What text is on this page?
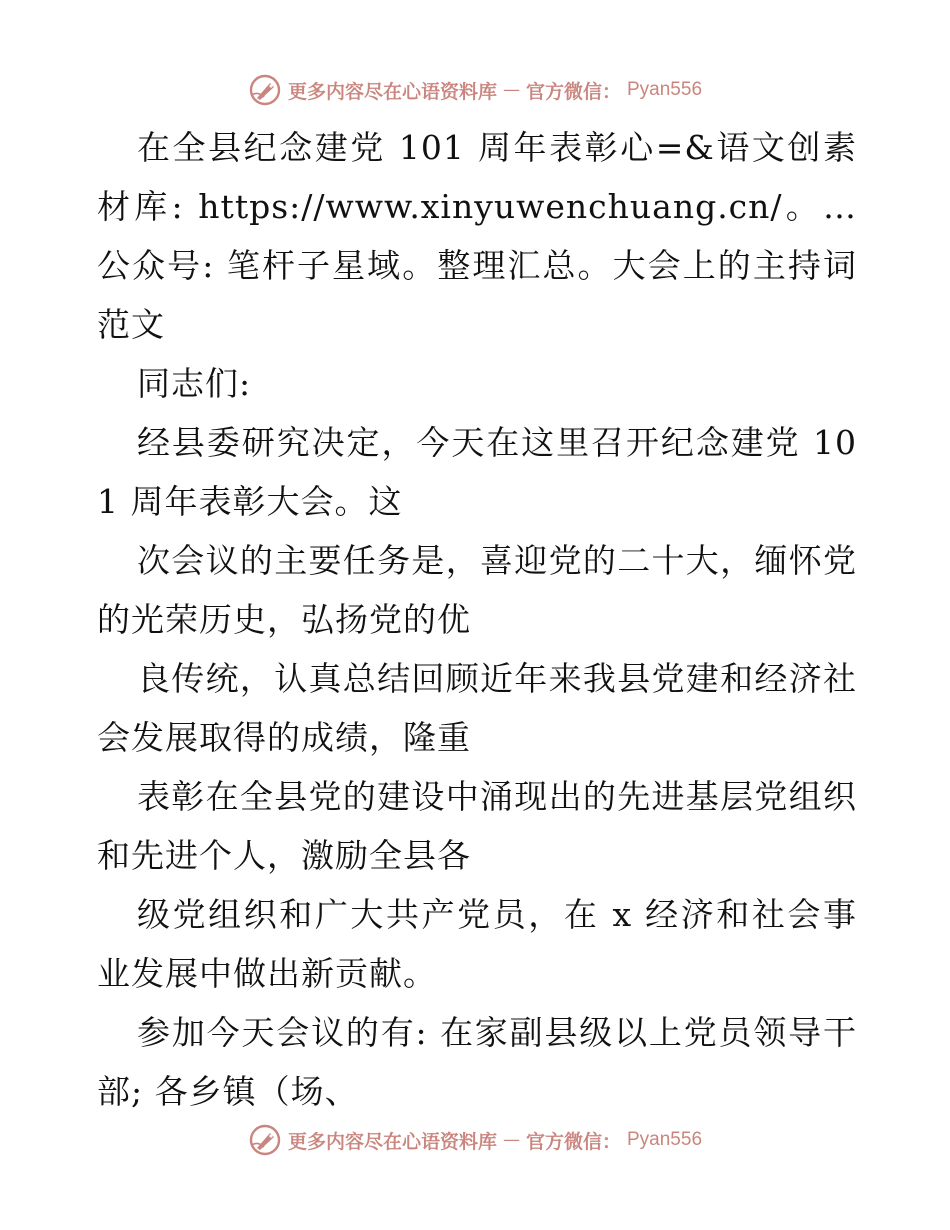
更多内容尽在心语资料库 — 官方微信： Pyan556

在全县纪念建党 101 周年表彰心=&语文创素材库: https://www.xinyuwenchuang.cn/。…公众号: 笔杆子星域。整理汇总。大会上的主持词范文

同志们:

经县委研究决定，今天在这里召开纪念建党 101 周年表彰大会。这

次会议的主要任务是，喜迎党的二十大，缅怀党的光荣历史，弘扬党的优

良传统，认真总结回顾近年来我县党建和经济社会发展取得的成绩，隆重

表彰在全县党的建设中涌现出的先进基层党组织和先进个人，激励全县各

级党组织和广大共产党员，在 x 经济和社会事业发展中做出新贡献。

参加今天会议的有: 在家副县级以上党员领导干部; 各乡镇（场、

更多内容尽在心语资料库 — 官方微信： Pyan556
